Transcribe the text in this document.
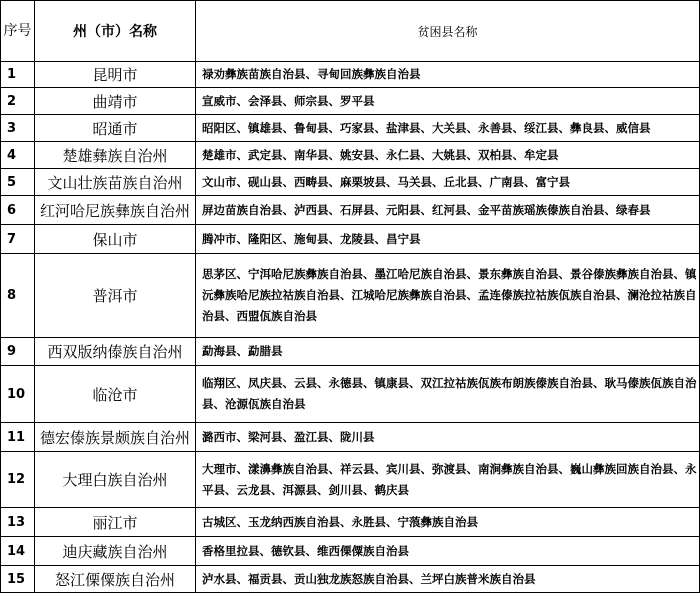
序号	州（市）名称	贫困县名称
1	昆明市	禄劝彝族苗族自治县、寻甸回族彝族自治县
2	曲靖市	宣威市、会泽县、师宗县、罗平县
3	昭通市	昭阳区、镇雄县、鲁甸县、巧家县、盐津县、大关县、永善县、绥江县、彝良县、威信县
4	楚雄彝族自治州	楚雄市、武定县、南华县、姚安县、永仁县、大姚县、双柏县、牟定县
5	文山壮族苗族自治州	文山市、砚山县、西畴县、麻栗坡县、马关县、丘北县、广南县、富宁县
6	红河哈尼族彝族自治州	屏边苗族自治县、泸西县、石屏县、元阳县、红河县、金平苗族瑶族傣族自治县、绿春县
7	保山市	腾冲市、隆阳区、施甸县、龙陵县、昌宁县
8	普洱市	思茅区、宁洱哈尼族彝族自治县、墨江哈尼族自治县、景东彝族自治县、景谷傣族彝族自治县、镇沅彝族哈尼族拉祜族自治县、江城哈尼族彝族自治县、孟连傣族拉祜族佤族自治县、澜沧拉祜族自治县、西盟佤族自治县
9	西双版纳傣族自治州	勐海县、勐腊县
10	临沧市	临翔区、凤庆县、云县、永德县、镇康县、双江拉祜族佤族布朗族傣族自治县、耿马傣族佤族自治县、沧源佤族自治县
11	德宏傣族景颇族自治州	潞西市、梁河县、盈江县、陇川县
12	大理白族自治州	大理市、漾濞彝族自治县、祥云县、宾川县、弥渡县、南涧彝族自治县、巍山彝族回族自治县、永平县、云龙县、洱源县、剑川县、鹤庆县
13	丽江市	古城区、玉龙纳西族自治县、永胜县、宁蒗彝族自治县
14	迪庆藏族自治州	香格里拉县、德钦县、维西傈僳族自治县
15	怒江傈僳族自治州	泸水县、福贡县、贡山独龙族怒族自治县、兰坪白族普米族自治县
